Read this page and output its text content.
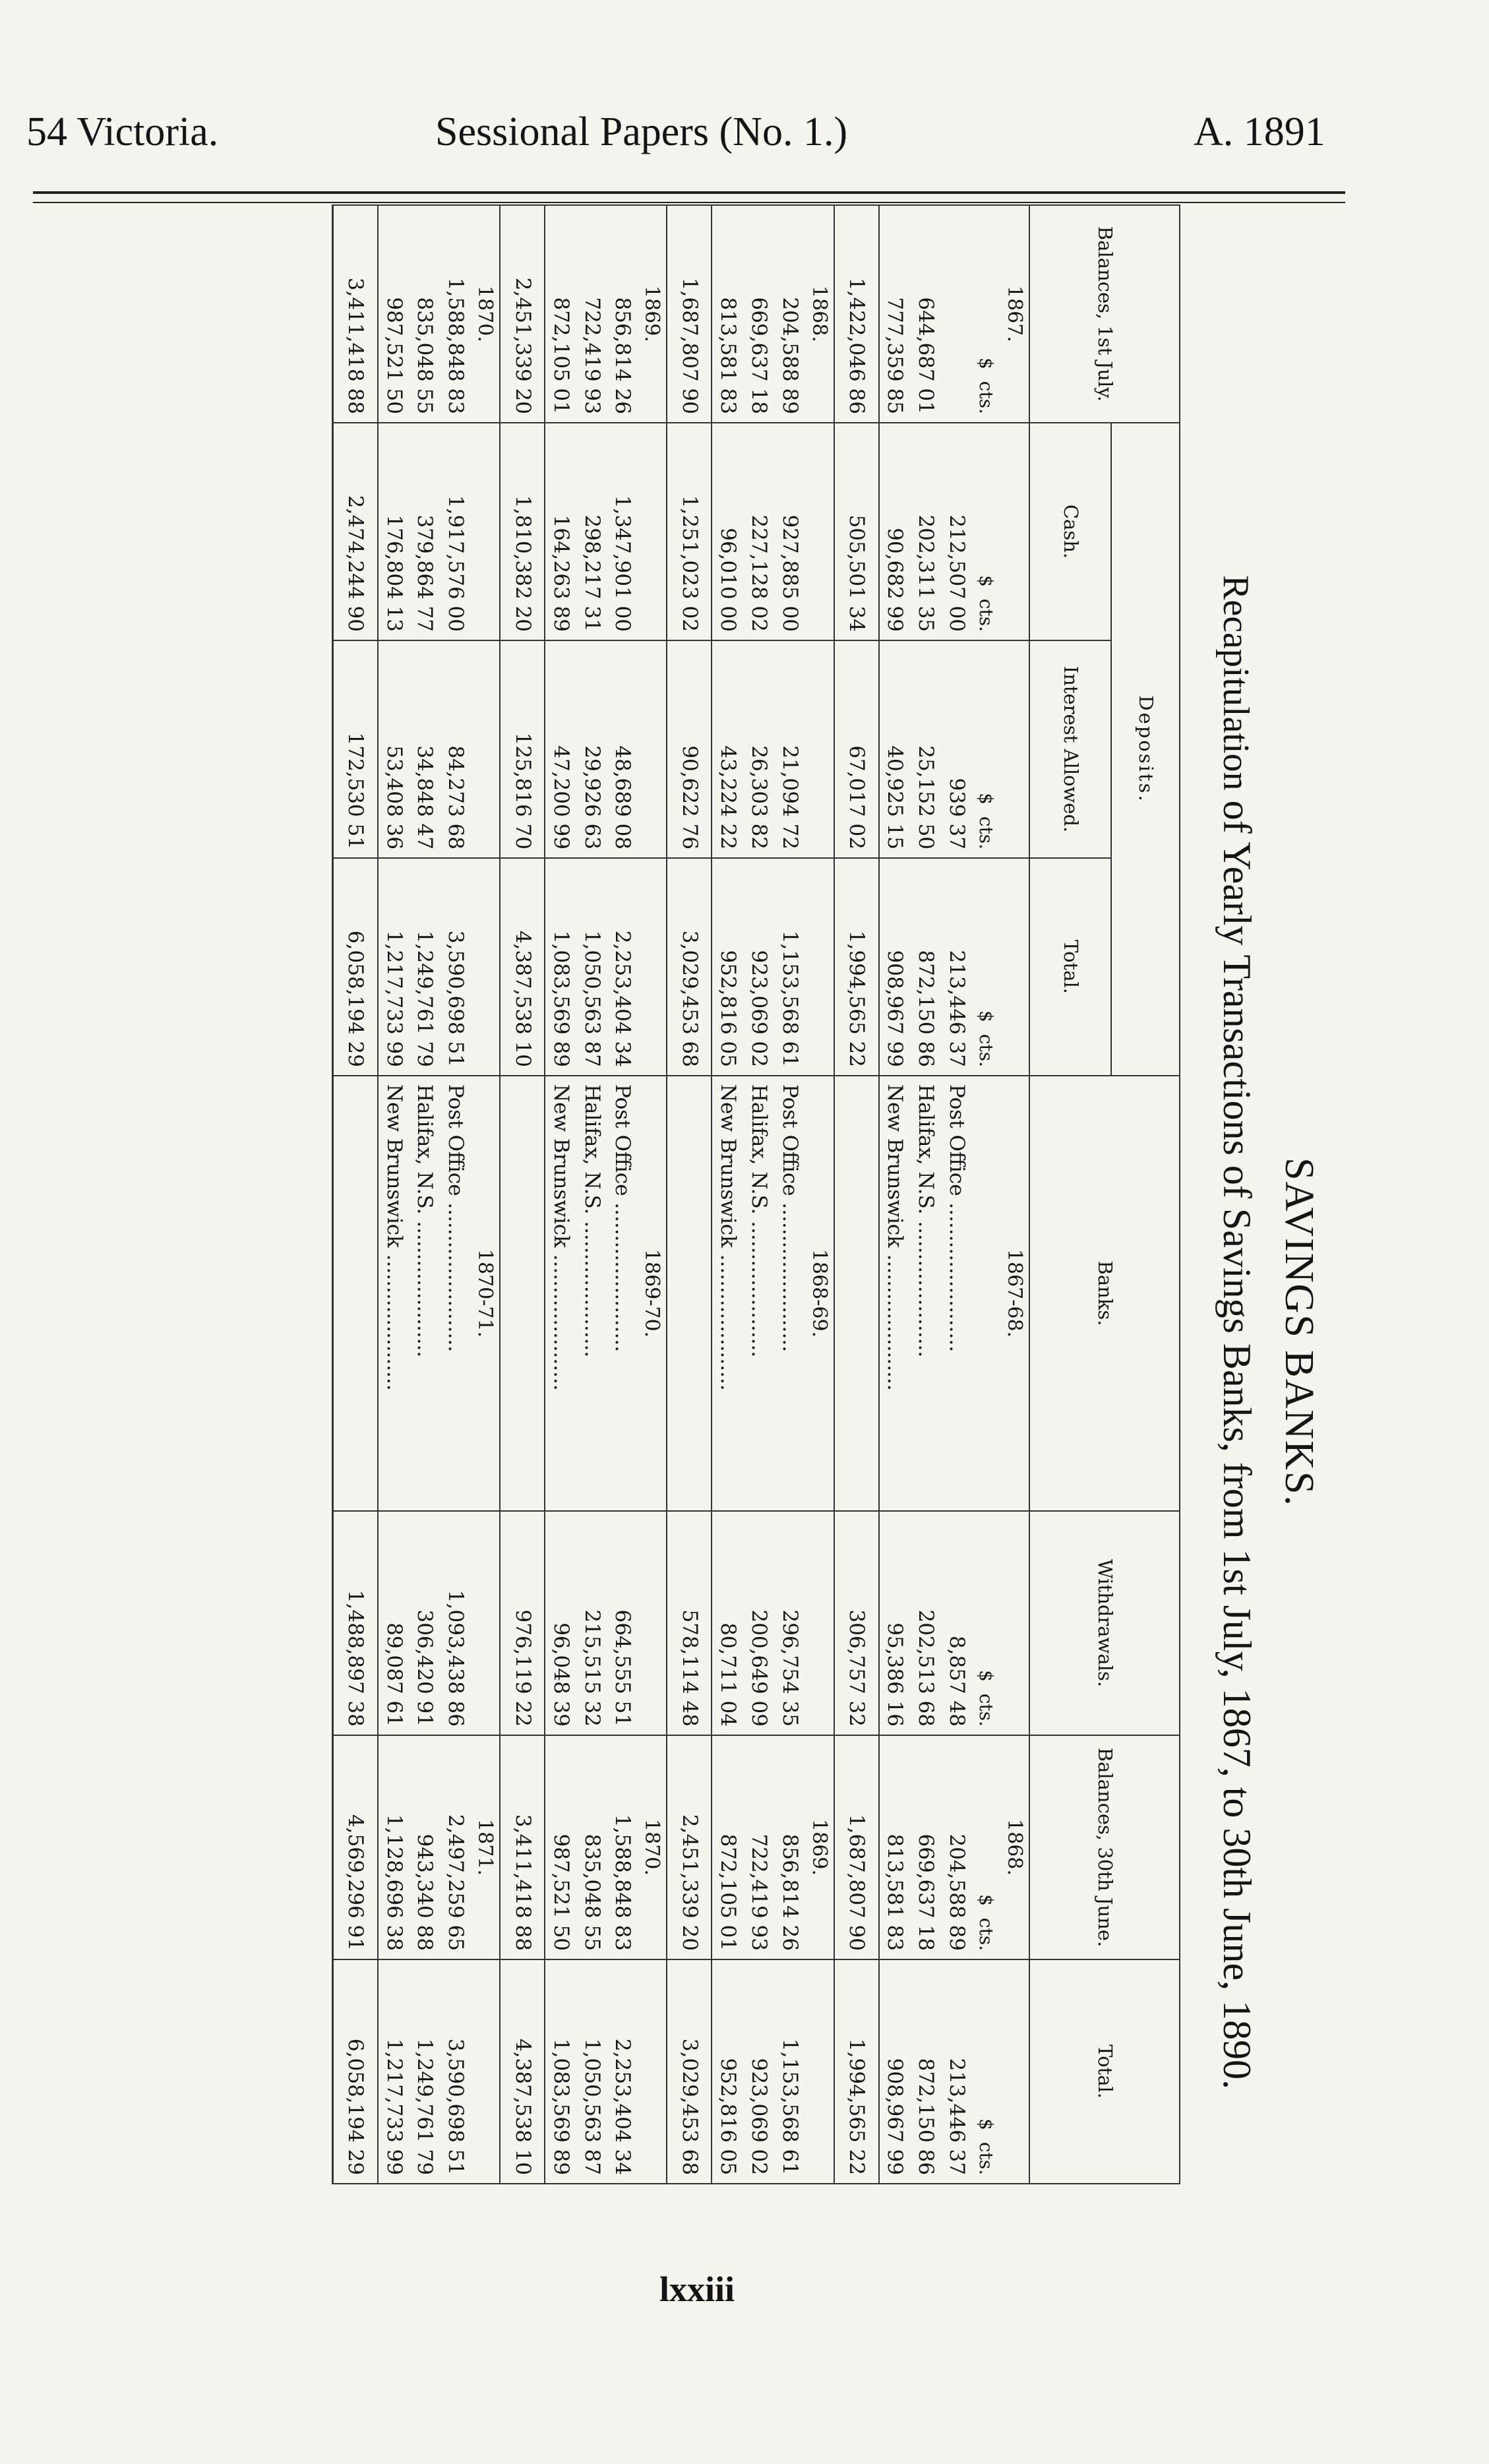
54 Victoria.	Sessional Papers (No. 1.)	A. 1891
SAVINGS BANKS.
Recapitulation of Yearly Transactions of Savings Banks, from 1st July, 1867, to 30th June, 1890.
Balances, 1st July.	Deposits.			Banks.	Withdrawals.	Balances, 30th June.	Total.
	Cash.	Interest Allowed.	Total.				
1867.				1867-68.		1868.	
$  cts.	$  cts.	$  cts.	$  cts.		$  cts.	$  cts.	$  cts.
	212,507 00	939 37	213,446 37	Post Office .......................	8,857 48	204,588 89	213,446 37
644,687 01	202,311 35	25,152 50	872,150 86	Halifax, N.S. .....................	202,513 68	669,637 18	872,150 86
777,359 85	90,682 99	40,925 15	908,967 99	New Brunswick .....................	95,386 16	813,581 83	908,967 99
1,422,046 86	505,501 34	67,017 02	1,994,565 22		306,757 32	1,687,807 90	1,994,565 22
1868.				1868-69.		1869.	
204,588 89	927,885 00	21,094 72	1,153,568 61	Post Office .......................	296,754 35	856,814 26	1,153,568 61
669,637 18	227,128 02	26,303 82	923,069 02	Halifax, N.S. .....................	200,649 09	722,419 93	923,069 02
813,581 83	96,010 00	43,224 22	952,816 05	New Brunswick .....................	80,711 04	872,105 01	952,816 05
1,687,807 90	1,251,023 02	90,622 76	3,029,453 68		578,114 48	2,451,339 20	3,029,453 68
1869.				1869-70.		1870.	
856,814 26	1,347,901 00	48,689 08	2,253,404 34	Post Office .......................	664,555 51	1,588,848 83	2,253,404 34
722,419 93	298,217 31	29,926 63	1,050,563 87	Halifax, N.S. .....................	215,515 32	835,048 55	1,050,563 87
872,105 01	164,263 89	47,200 99	1,083,569 89	New Brunswick .....................	96,048 39	987,521 50	1,083,569 89
2,451,339 20	1,810,382 20	125,816 70	4,387,538 10		976,119 22	3,411,418 88	4,387,538 10
1870.				1870-71.		1871.	
1,588,848 83	1,917,576 00	84,273 68	3,590,698 51	Post Office .......................	1,093,438 86	2,497,259 65	3,590,698 51
835,048 55	379,864 77	34,848 47	1,249,761 79	Halifax, N.S. .....................	306,420 91	943,340 88	1,249,761 79
987,521 50	176,804 13	53,408 36	1,217,733 99	New Brunswick .....................	89,087 61	1,128,696 38	1,217,733 99
3,411,418 88	2,474,244 90	172,530 51	6,058,194 29		1,488,897 38	4,569,296 91	6,058,194 29
lxxiii
